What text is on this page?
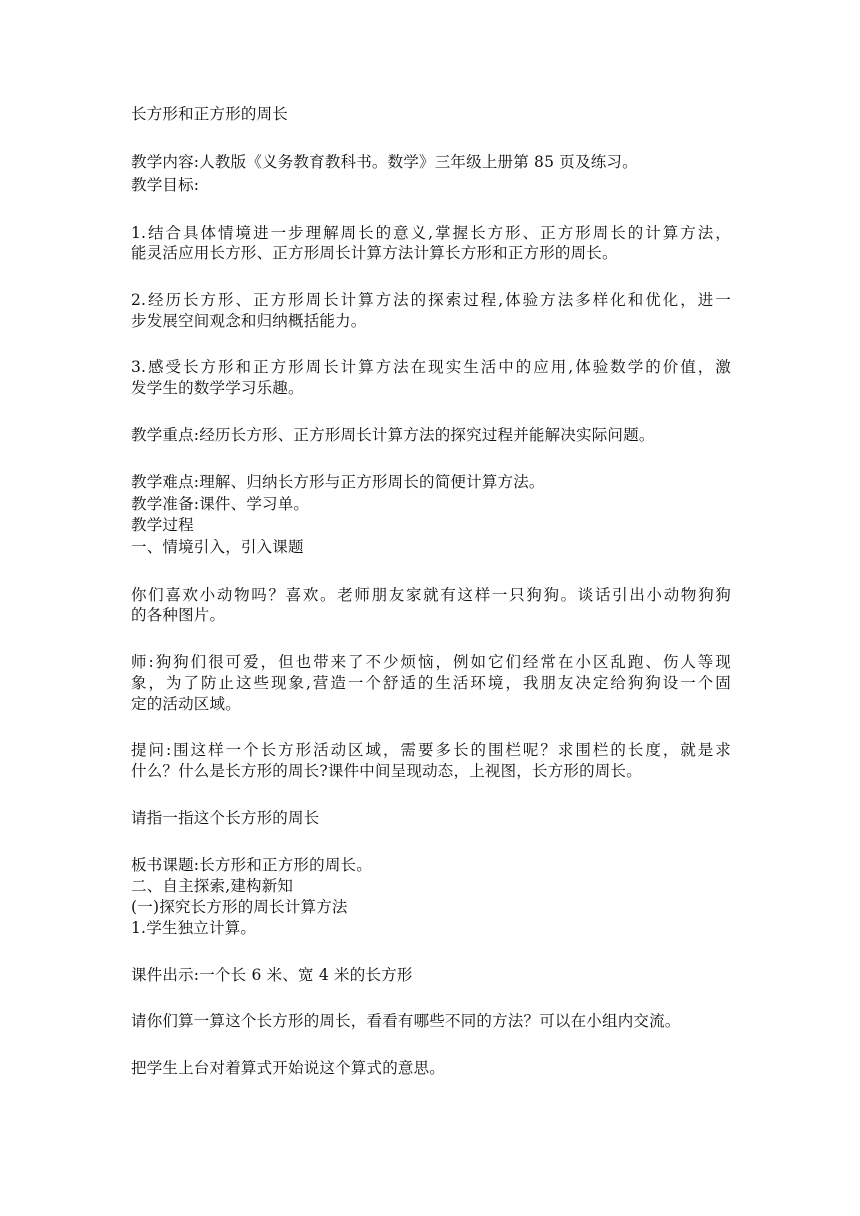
长方形和正方形的周长
教学内容:人教版《义务教育教科书。数学》三年级上册第 85 页及练习。
教学目标:
1.结合具体情境进一步理解周长的意义,掌握长方形、正方形周长的计算方法，
能灵活应用长方形、正方形周长计算方法计算长方形和正方形的周长。
2.经历长方形、正方形周长计算方法的探索过程,体验方法多样化和优化，进一
步发展空间观念和归纳概括能力。
3.感受长方形和正方形周长计算方法在现实生活中的应用,体验数学的价值，激
发学生的数学学习乐趣。
教学重点:经历长方形、正方形周长计算方法的探究过程并能解决实际问题。
教学难点:理解、归纳长方形与正方形周长的简便计算方法。
教学准备:课件、学习单。
教学过程
一、情境引入，引入课题
你们喜欢小动物吗？喜欢。老师朋友家就有这样一只狗狗。谈话引出小动物狗狗
的各种图片。
师:狗狗们很可爱，但也带来了不少烦恼，例如它们经常在小区乱跑、伤人等现
象，为了防止这些现象,营造一个舒适的生活环境，我朋友决定给狗狗设一个固
定的活动区域。
提问:围这样一个长方形活动区域，需要多长的围栏呢？求围栏的长度，就是求
什么？什么是长方形的周长?课件中间呈现动态，上视图，长方形的周长。
请指一指这个长方形的周长
板书课题:长方形和正方形的周长。
二、自主探索,建构新知
(一)探究长方形的周长计算方法
1.学生独立计算。
课件出示:一个长 6 米、宽 4 米的长方形
请你们算一算这个长方形的周长，看看有哪些不同的方法？可以在小组内交流。
把学生上台对着算式开始说这个算式的意思。
